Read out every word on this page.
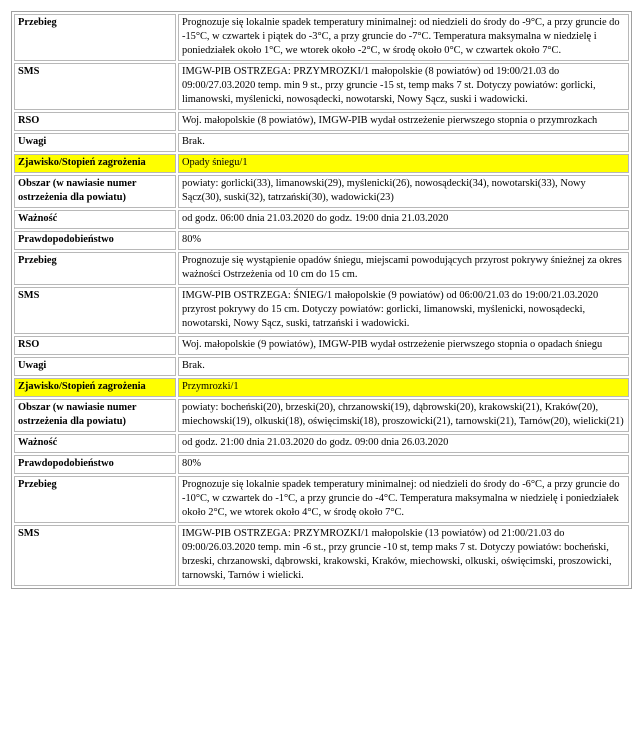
Przebieg	Prognozuje się lokalnie spadek temperatury minimalnej: od niedzieli do środy do -9°C, a przy gruncie do -15°C, w czwartek i piątek do -3°C, a przy gruncie do -7°C. Temperatura maksymalna w niedzielę i poniedziałek około 1°C, we wtorek około -2°C, w środę około 0°C, w czwartek około 7°C.
SMS	IMGW-PIB OSTRZEGA: PRZYMROZKI/1 małopolskie (8 powiatów) od 19:00/21.03 do 09:00/27.03.2020 temp. min 9 st., przy gruncie -15 st, temp maks 7 st. Dotyczy powiatów: gorlicki, limanowski, myślenicki, nowosądecki, nowotarski, Nowy Sącz, suski i wadowicki.
RSO	Woj. małopolskie (8 powiatów), IMGW-PIB wydał ostrzeżenie pierwszego stopnia o przymrozkach
Uwagi	Brak.
Zjawisko/Stopień zagrożenia	Opady śniegu/1
Obszar (w nawiasie numer ostrzeżenia dla powiatu)	powiaty: gorlicki(33), limanowski(29), myślenicki(26), nowosądecki(34), nowotarski(33), Nowy Sącz(30), suski(32), tatrzański(30), wadowicki(23)
Ważność	od godz. 06:00 dnia 21.03.2020 do godz. 19:00 dnia 21.03.2020
Prawdopodobieństwo	80%
Przebieg	Prognozuje się wystąpienie opadów śniegu, miejscami powodujących przyrost pokrywy śnieżnej za okres ważności Ostrzeżenia od 10 cm do 15 cm.
SMS	IMGW-PIB OSTRZEGA: ŚNIEG/1 małopolskie (9 powiatów) od 06:00/21.03 do 19:00/21.03.2020 przyrost pokrywy do 15 cm. Dotyczy powiatów: gorlicki, limanowski, myślenicki, nowosądecki, nowotarski, Nowy Sącz, suski, tatrzański i wadowicki.
RSO	Woj. małopolskie (9 powiatów), IMGW-PIB wydał ostrzeżenie pierwszego stopnia o opadach śniegu
Uwagi	Brak.
Zjawisko/Stopień zagrożenia	Przymrozki/1
Obszar (w nawiasie numer ostrzeżenia dla powiatu)	powiaty: bocheński(20), brzeski(20), chrzanowski(19), dąbrowski(20), krakowski(21), Kraków(20), miechowski(19), olkuski(18), oświęcimski(18), proszowicki(21), tarnowski(21), Tarnów(20), wielicki(21)
Ważność	od godz. 21:00 dnia 21.03.2020 do godz. 09:00 dnia 26.03.2020
Prawdopodobieństwo	80%
Przebieg	Prognozuje się lokalnie spadek temperatury minimalnej: od niedzieli do środy do -6°C, a przy gruncie do -10°C, w czwartek do -1°C, a przy gruncie do -4°C. Temperatura maksymalna w niedzielę i poniedziałek około 2°C, we wtorek około 4°C, w środę około 7°C.
SMS	IMGW-PIB OSTRZEGA: PRZYMROZKI/1 małopolskie (13 powiatów) od 21:00/21.03 do 09:00/26.03.2020 temp. min -6 st., przy gruncie -10 st, temp maks 7 st. Dotyczy powiatów: bocheński, brzeski, chrzanowski, dąbrowski, krakowski, Kraków, miechowski, olkuski, oświęcimski, proszowicki, tarnowski, Tarnów i wielicki.
